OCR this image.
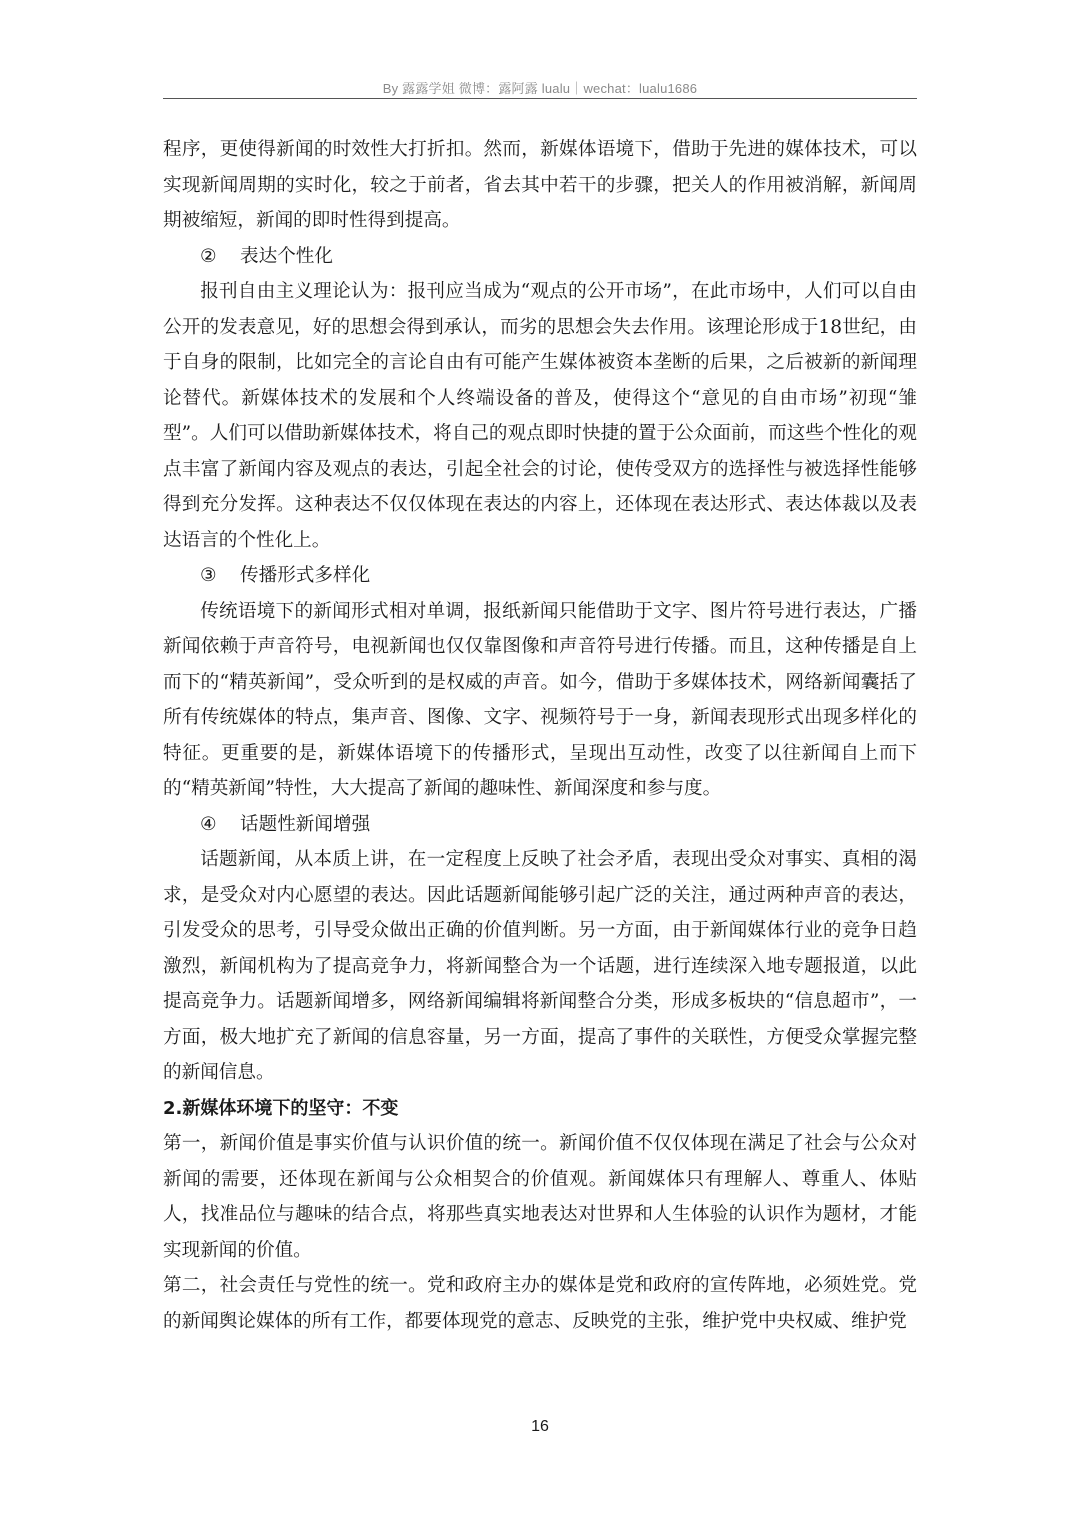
By 露露学姐 微博：露阿露 lualu｜wechat：lualu1686

程序，更使得新闻的时效性大打折扣。然而，新媒体语境下，借助于先进的媒体技术，可以实现新闻周期的实时化，较之于前者，省去其中若干的步骤，把关人的作用被消解，新闻周期被缩短，新闻的即时性得到提高。

② 表达个性化

报刊自由主义理论认为：报刊应当成为“观点的公开市场”，在此市场中，人们可以自由公开的发表意见，好的思想会得到承认，而劣的思想会失去作用。该理论形成于18世纪，由于自身的限制，比如完全的言论自由有可能产生媒体被资本垄断的后果，之后被新的新闻理论替代。新媒体技术的发展和个人终端设备的普及，使得这个“意见的自由市场”初现“雏型”。人们可以借助新媒体技术，将自己的观点即时快捷的置于公众面前，而这些个性化的观点丰富了新闻内容及观点的表达，引起全社会的讨论，使传受双方的选择性与被选择性能够得到充分发挥。这种表达不仅仅体现在表达的内容上，还体现在表达形式、表达体裁以及表达语言的个性化上。

③ 传播形式多样化

传统语境下的新闻形式相对单调，报纸新闻只能借助于文字、图片符号进行表达，广播新闻依赖于声音符号，电视新闻也仅仅靠图像和声音符号进行传播。而且，这种传播是自上而下的“精英新闻”，受众听到的是权威的声音。如今，借助于多媒体技术，网络新闻囊括了所有传统媒体的特点，集声音、图像、文字、视频符号于一身，新闻表现形式出现多样化的特征。更重要的是，新媒体语境下的传播形式，呈现出互动性，改变了以往新闻自上而下的“精英新闻”特性，大大提高了新闻的趣味性、新闻深度和参与度。

④ 话题性新闻增强

话题新闻，从本质上讲，在一定程度上反映了社会矛盾，表现出受众对事实、真相的渴求，是受众对内心愿望的表达。因此话题新闻能够引起广泛的关注，通过两种声音的表达，引发受众的思考，引导受众做出正确的价值判断。另一方面，由于新闻媒体行业的竞争日趋激烈，新闻机构为了提高竞争力，将新闻整合为一个话题，进行连续深入地专题报道，以此提高竞争力。话题新闻增多，网络新闻编辑将新闻整合分类，形成多板块的“信息超市”，一方面，极大地扩充了新闻的信息容量，另一方面，提高了事件的关联性，方便受众掌握完整的新闻信息。

2.新媒体环境下的坚守：不变

第一，新闻价值是事实价值与认识价值的统一。新闻价值不仅仅体现在满足了社会与公众对新闻的需要，还体现在新闻与公众相契合的价值观。新闻媒体只有理解人、尊重人、体贴人，找准品位与趣味的结合点，将那些真实地表达对世界和人生体验的认识作为题材，才能实现新闻的价值。

第二，社会责任与党性的统一。党和政府主办的媒体是党和政府的宣传阵地，必须姓党。党的新闻舆论媒体的所有工作，都要体现党的意志、反映党的主张，维护党中央权威、维护党

16
